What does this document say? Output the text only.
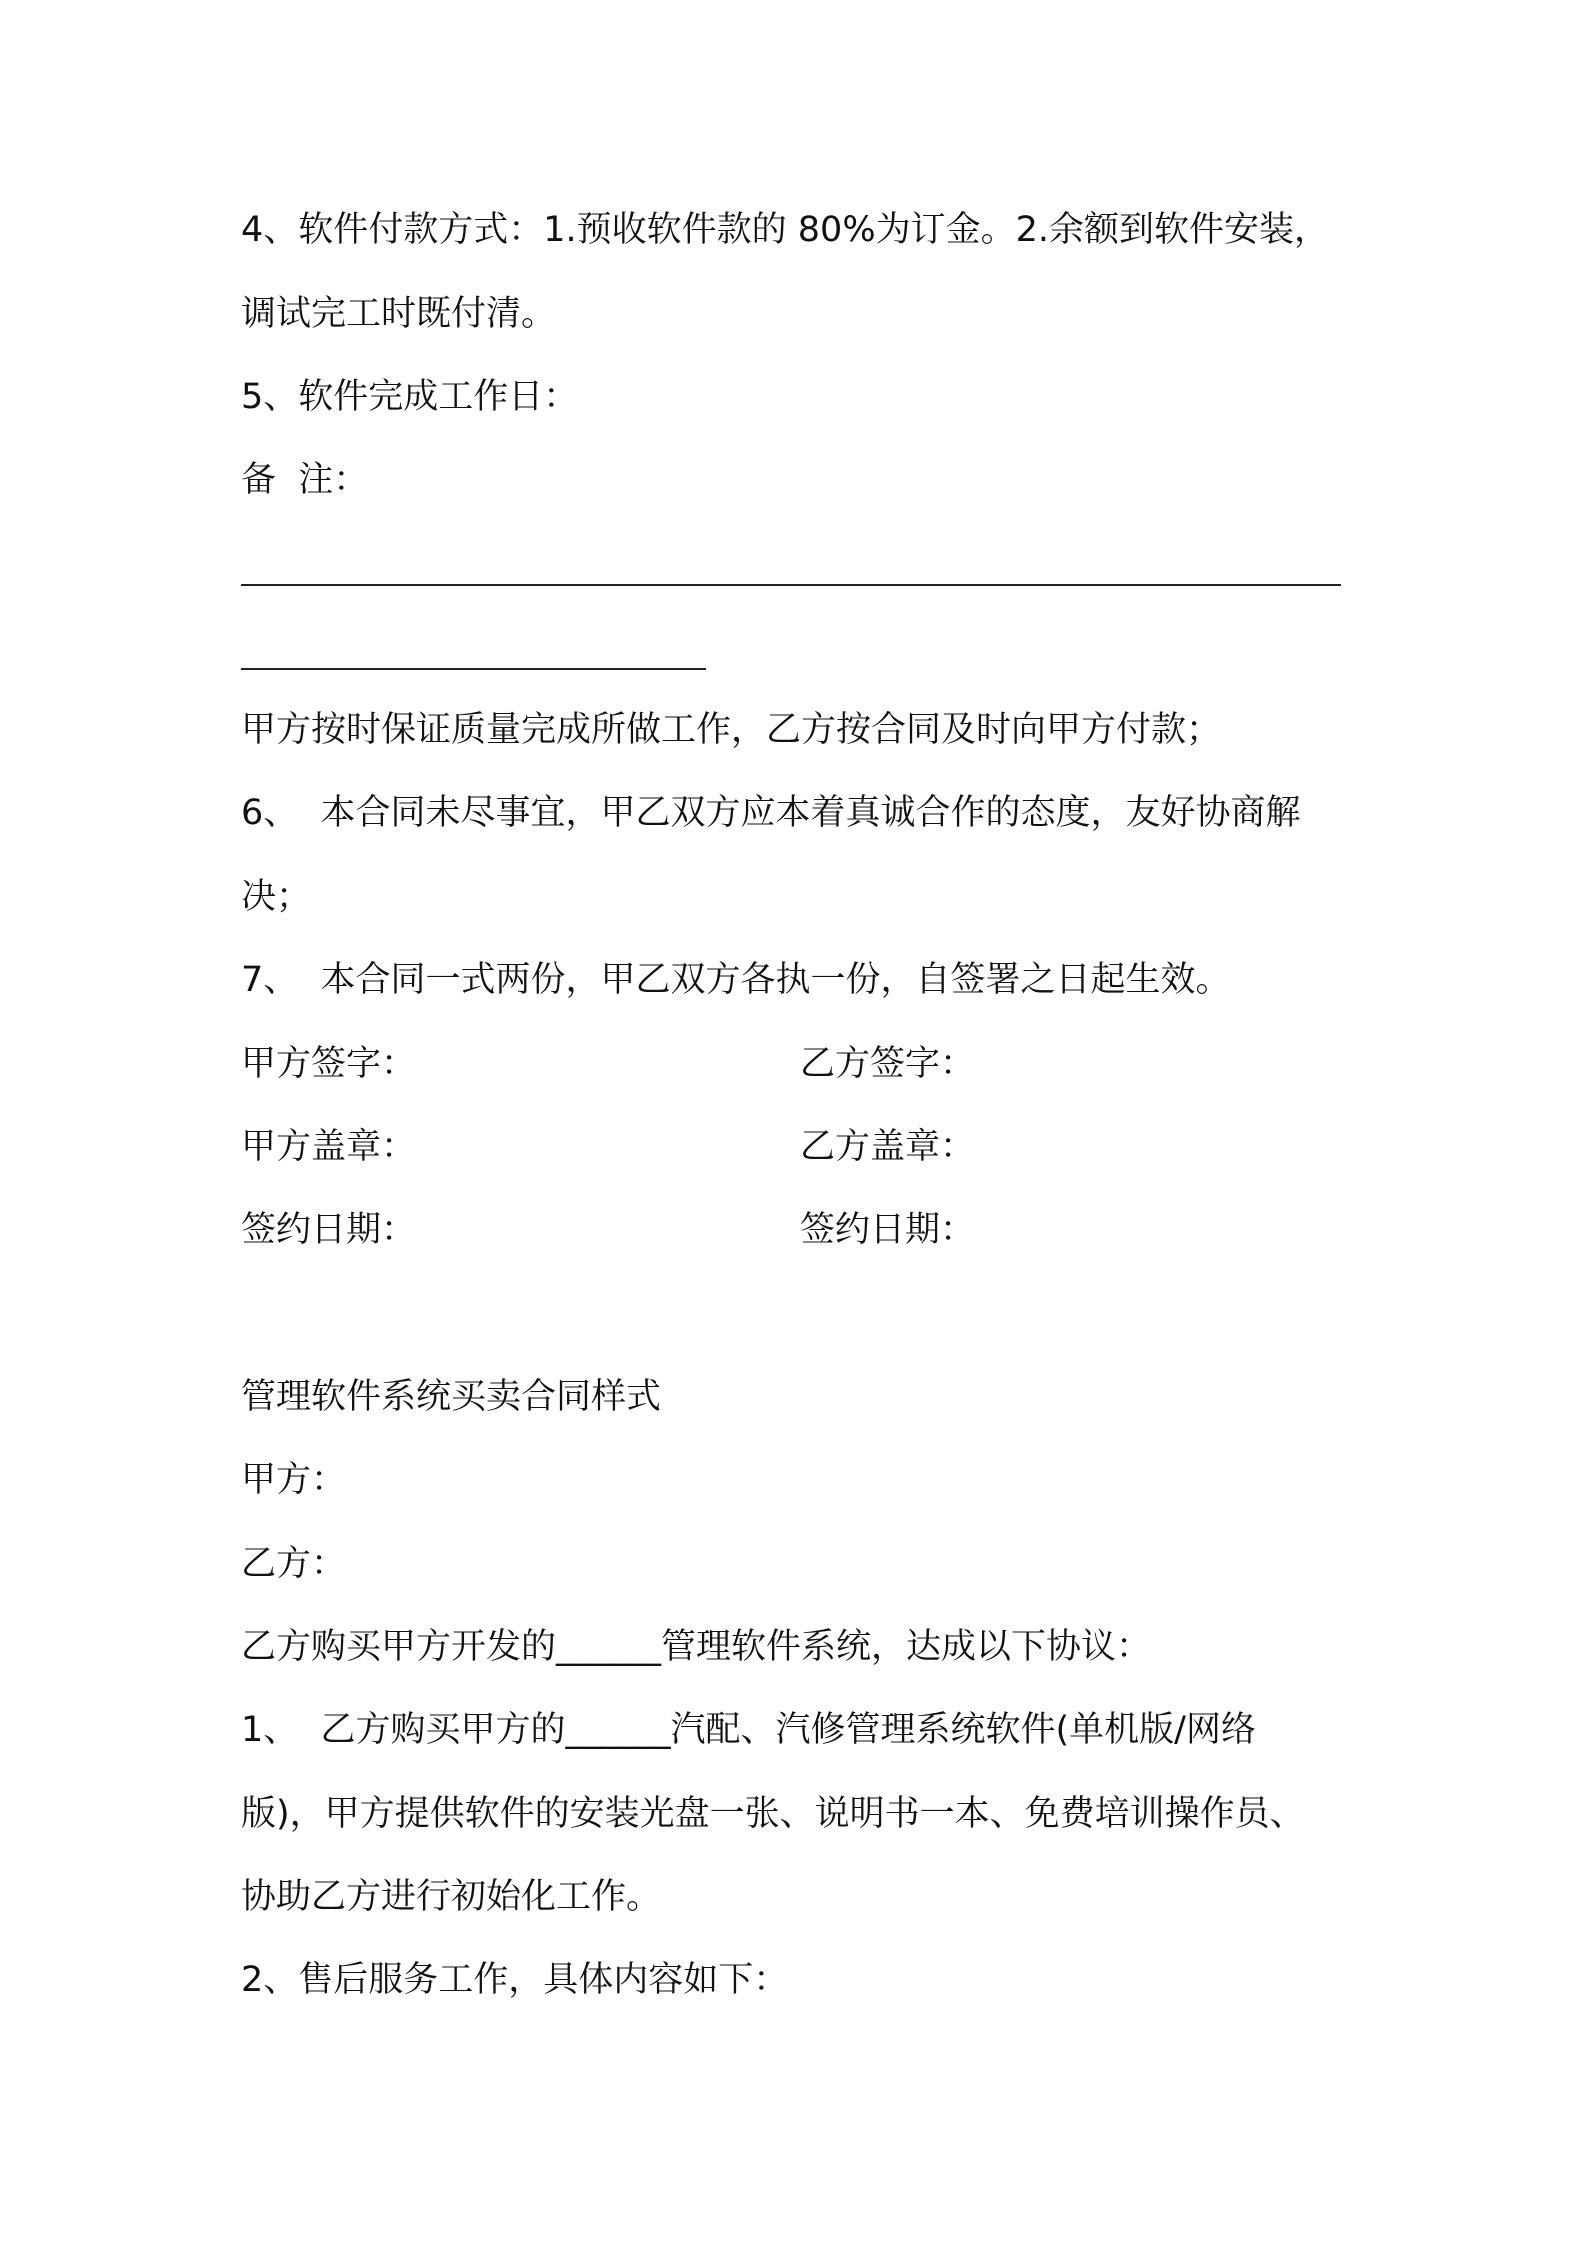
4、软件付款方式：1.预收软件款的 80%为订金。2.余额到软件安装，
调试完工时既付清。
5、软件完成工作日：
备  注：
甲方按时保证质量完成所做工作，乙方按合同及时向甲方付款；
6、  本合同未尽事宜，甲乙双方应本着真诚合作的态度，友好协商解
决；
7、  本合同一式两份，甲乙双方各执一份，自签署之日起生效。
甲方签字：	乙方签字：
甲方盖章：	乙方盖章：
签约日期：	签约日期：
管理软件系统买卖合同样式
甲方：
乙方：
乙方购买甲方开发的______管理软件系统，达成以下协议：
1、  乙方购买甲方的______汽配、汽修管理系统软件(单机版/网络
版)，甲方提供软件的安装光盘一张、说明书一本、免费培训操作员、
协助乙方进行初始化工作。
2、售后服务工作，具体内容如下：
